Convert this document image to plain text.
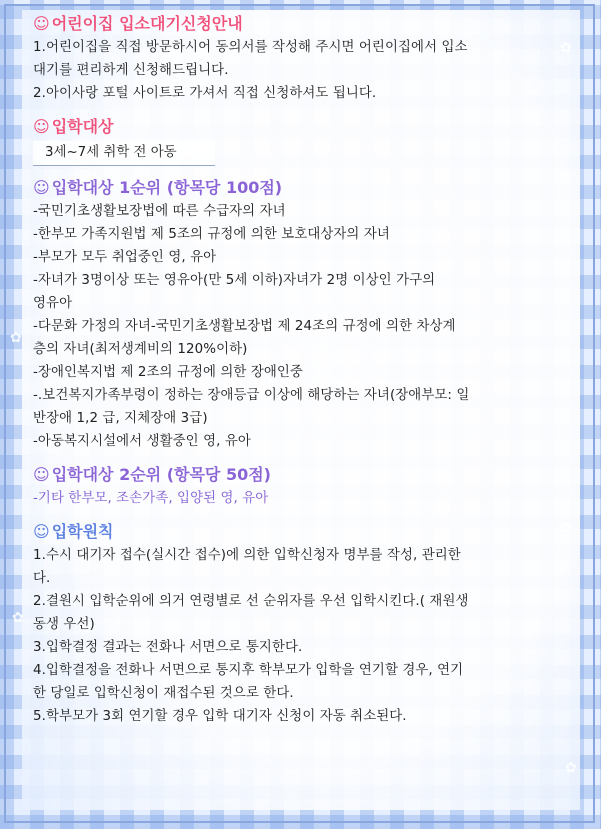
✿
✿
✿
✿
✿

☺ 어린이집 입소대기신청안내

1.어린이집을 직접 방문하시어 동의서를 작성해 주시면 어린이집에서 입소

대기를 편리하게 신청해드립니다.

2.아이사랑 포털 사이트로 가셔서 직접 신청하셔도 됩니다.

☺ 입학대상

3세~7세 취학 전 아동

☺ 입학대상 1순위 (항목당 100점)

-국민기초생활보장법에 따른 수급자의 자녀

-한부모 가족지원법 제 5조의 규정에 의한 보호대상자의 자녀

-부모가 모두 취업중인 영, 유아

-자녀가 3명이상 또는 영유아(만 5세 이하)자녀가 2명 이상인 가구의

영유아

-다문화 가정의 자녀-국민기초생활보장법 제 24조의 규정에 의한 차상계

층의 자녀(최저생계비의 120%이하)

-장애인복지법 제 2조의 규정에 의한 장애인중

-.보건복지가족부령이 정하는 장애등급 이상에 해당하는 자녀(장애부모: 일

반장애 1,2 급, 지체장애 3급)

-아동복지시설에서 생활중인 영, 유아

☺ 입학대상 2순위 (항목당 50점)

-기타 한부모, 조손가족, 입양된 영, 유아

☺ 입학원칙

1.수시 대기자 접수(실시간 접수)에 의한 입학신청자 명부를 작성, 관리한

다.

2.결원시 입학순위에 의거 연령별로 선 순위자를 우선 입학시킨다.( 재원생

동생 우선)

3.입학결정 결과는 전화나 서면으로 통지한다.

4.입학결정을 전화나 서면으로 통지후 학부모가 입학을 연기할 경우, 연기

한 당일로 입학신청이 재접수된 것으로 한다.

5.학부모가 3회 연기할 경우 입학 대기자 신청이 자동 취소된다.
